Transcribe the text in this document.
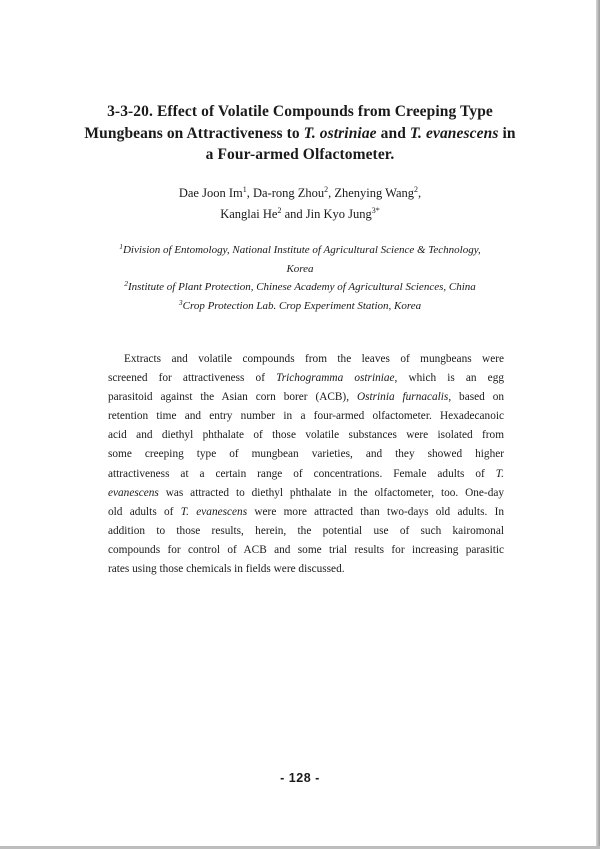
3-3-20. Effect of Volatile Compounds from Creeping Type
Mungbeans on Attractiveness to T. ostriniae and T. evanescens in
a Four-armed Olfactometer.
Dae Joon Im$^1$, Da-rong Zhou$^2$, Zhenying Wang$^2$,
Kanglai He$^2$ and Jin Kyo Jung$^{3*}$
$^1$Division of Entomology, National Institute of Agricultural Science & Technology,
Korea
$^2$Institute of Plant Protection, Chinese Academy of Agricultural Sciences, China
$^3$Crop Protection Lab. Crop Experiment Station, Korea
Extracts and volatile compounds from the leaves of mungbeans were
screened for attractiveness of Trichogramma ostriniae, which is an egg
parasitoid against the Asian corn borer (ACB), Ostrinia furnacalis, based on
retention time and entry number in a four-armed olfactometer. Hexadecanoic
acid and diethyl phthalate of those volatile substances were isolated from
some creeping type of mungbean varieties, and they showed higher
attractiveness at a certain range of concentrations. Female adults of T.
evanescens was attracted to diethyl phthalate in the olfactometer, too. One-day
old adults of T. evanescens were more attracted than two-days old adults. In
addition to those results, herein, the potential use of such kairomonal
compounds for control of ACB and some trial results for increasing parasitic
rates using those chemicals in fields were discussed.
- 128 -
